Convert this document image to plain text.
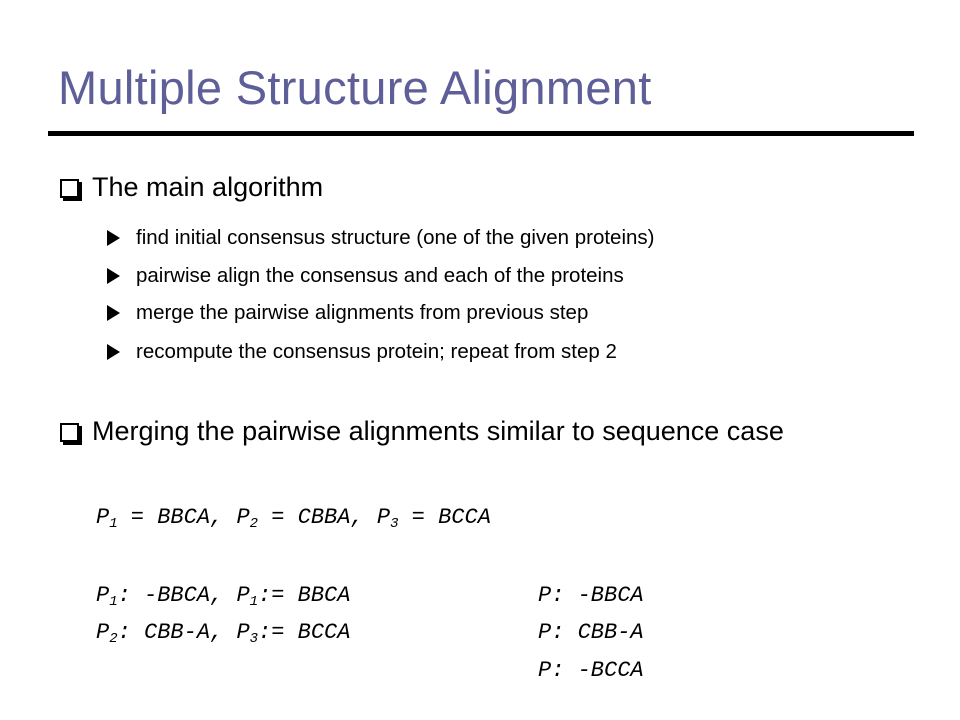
Multiple Structure Alignment
The main algorithm
find initial consensus structure (one of the given proteins)
pairwise align the consensus and each of the proteins
merge the pairwise alignments from previous step
recompute the consensus protein; repeat from step 2
Merging the pairwise alignments similar to sequence case
$P_1$ = BBCA, $P_2$ = CBBA, $P_3$ = BCCA
$P_1$: -BBCA, $P_1:=$ BBCA
$P_2$: CBB-A, $P_3:=$ BCCA
P: -BBCA
P: CBB-A
P: -BCCA
